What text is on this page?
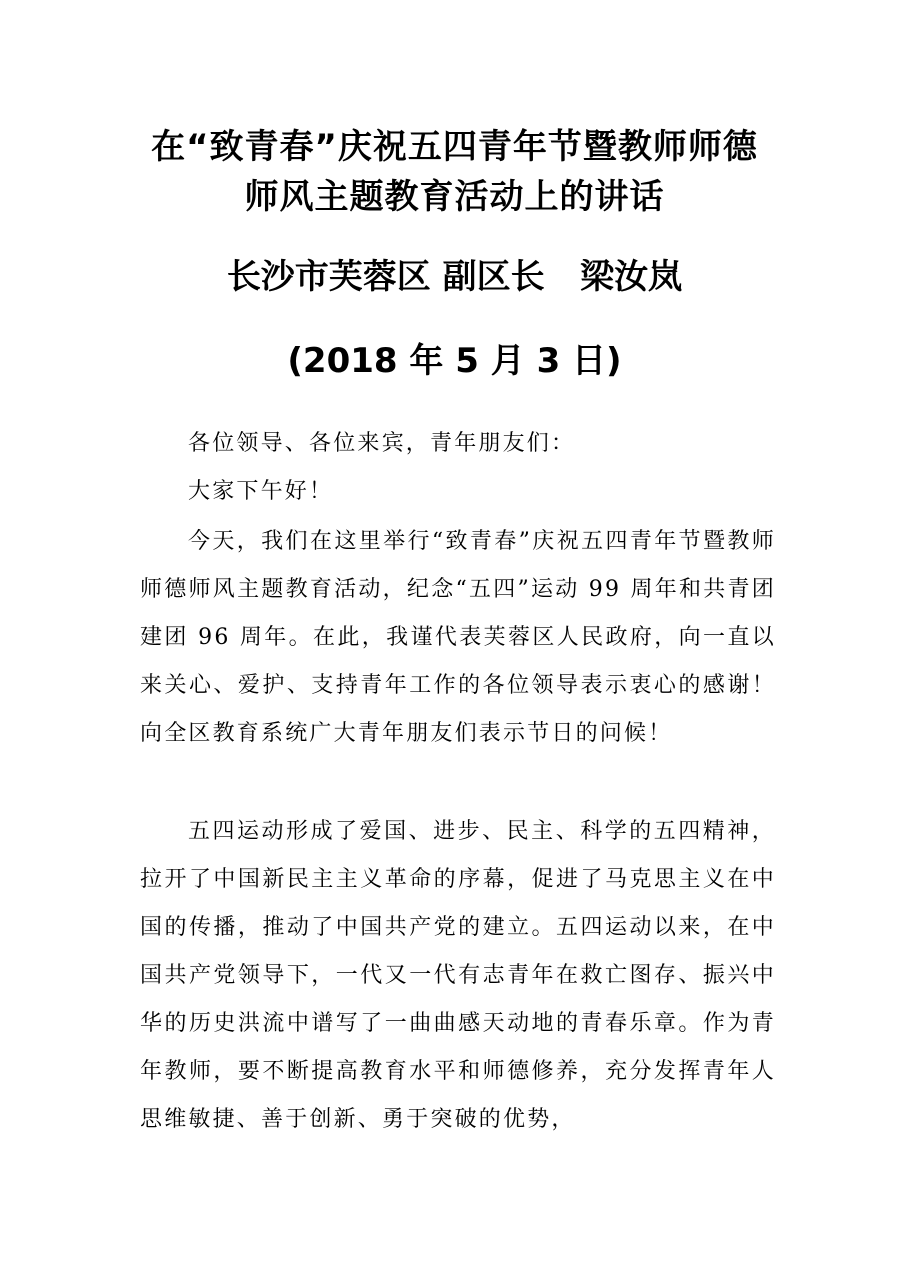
在“致青春”庆祝五四青年节暨教师师德
师风主题教育活动上的讲话
长沙市芙蓉区 副区长   梁汝岚
(2018 年 5 月 3 日)

各位领导、各位来宾，青年朋友们：

大家下午好！

今天，我们在这里举行“致青春”庆祝五四青年节暨教师师德师风主题教育活动，纪念“五四”运动 99 周年和共青团建团 96 周年。在此，我谨代表芙蓉区人民政府，向一直以来关心、爱护、支持青年工作的各位领导表示衷心的感谢！向全区教育系统广大青年朋友们表示节日的问候！

五四运动形成了爱国、进步、民主、科学的五四精神，拉开了中国新民主主义革命的序幕，促进了马克思主义在中国的传播，推动了中国共产党的建立。五四运动以来，在中国共产党领导下，一代又一代有志青年在救亡图存、振兴中华的历史洪流中谱写了一曲曲感天动地的青春乐章。作为青年教师，要不断提高教育水平和师德修养，充分发挥青年人思维敏捷、善于创新、勇于突破的优势，
